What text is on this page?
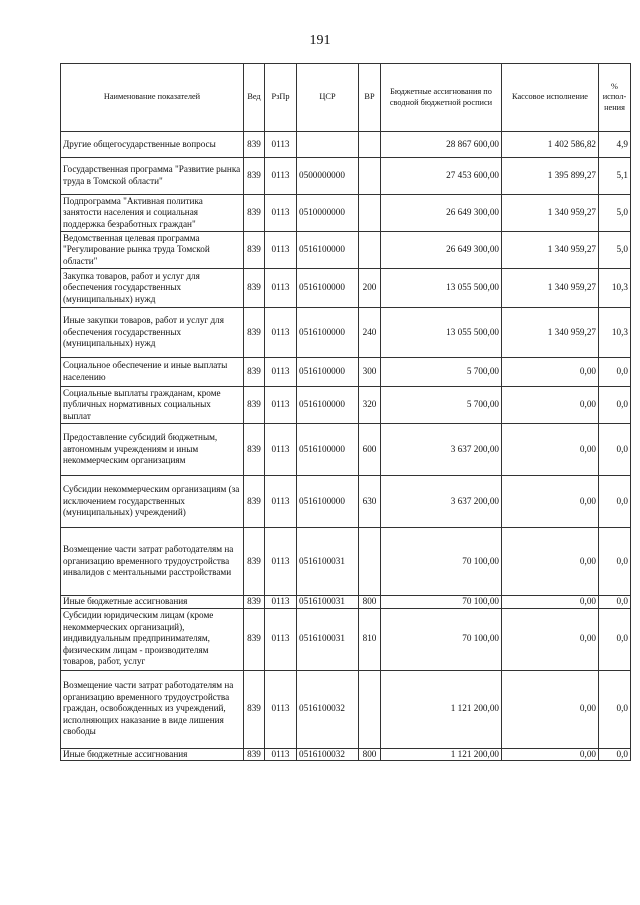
191
Наименование показателей	Вед	РзПр	ЦСР	ВР	Бюджетные ассигнования по сводной бюджетной росписи	Кассовое исполнение	% испол-нения
Другие общегосударственные вопросы	839	0113			28 867 600,00	1 402 586,82	4,9
Государственная программа "Развитие рынка труда в Томской области"	839	0113	0500000000		27 453 600,00	1 395 899,27	5,1
Подпрограмма "Активная политика занятости населения и социальная поддержка безработных граждан"	839	0113	0510000000		26 649 300,00	1 340 959,27	5,0
Ведомственная целевая программа "Регулирование рынка труда Томской области"	839	0113	0516100000		26 649 300,00	1 340 959,27	5,0
Закупка товаров, работ и услуг для обеспечения государственных (муниципальных) нужд	839	0113	0516100000	200	13 055 500,00	1 340 959,27	10,3
Иные закупки товаров, работ и услуг для обеспечения государственных (муниципальных) нужд	839	0113	0516100000	240	13 055 500,00	1 340 959,27	10,3
Социальное обеспечение и иные выплаты населению	839	0113	0516100000	300	5 700,00	0,00	0,0
Социальные выплаты гражданам, кроме публичных нормативных социальных выплат	839	0113	0516100000	320	5 700,00	0,00	0,0
Предоставление субсидий бюджетным, автономным учреждениям и иным некоммерческим организациям	839	0113	0516100000	600	3 637 200,00	0,00	0,0
Субсидии некоммерческим организациям (за исключением государственных (муниципальных) учреждений)	839	0113	0516100000	630	3 637 200,00	0,00	0,0
Возмещение части затрат работодателям на организацию временного трудоустройства инвалидов с ментальными расстройствами	839	0113	0516100031		70 100,00	0,00	0,0
Иные бюджетные ассигнования	839	0113	0516100031	800	70 100,00	0,00	0,0
Субсидии юридическим лицам (кроме некоммерческих организаций), индивидуальным предпринимателям, физическим лицам - производителям товаров, работ, услуг	839	0113	0516100031	810	70 100,00	0,00	0,0
Возмещение части затрат работодателям на организацию временного трудоустройства граждан, освобожденных из учреждений, исполняющих наказание в виде лишения свободы	839	0113	0516100032		1 121 200,00	0,00	0,0
Иные бюджетные ассигнования	839	0113	0516100032	800	1 121 200,00	0,00	0,0
